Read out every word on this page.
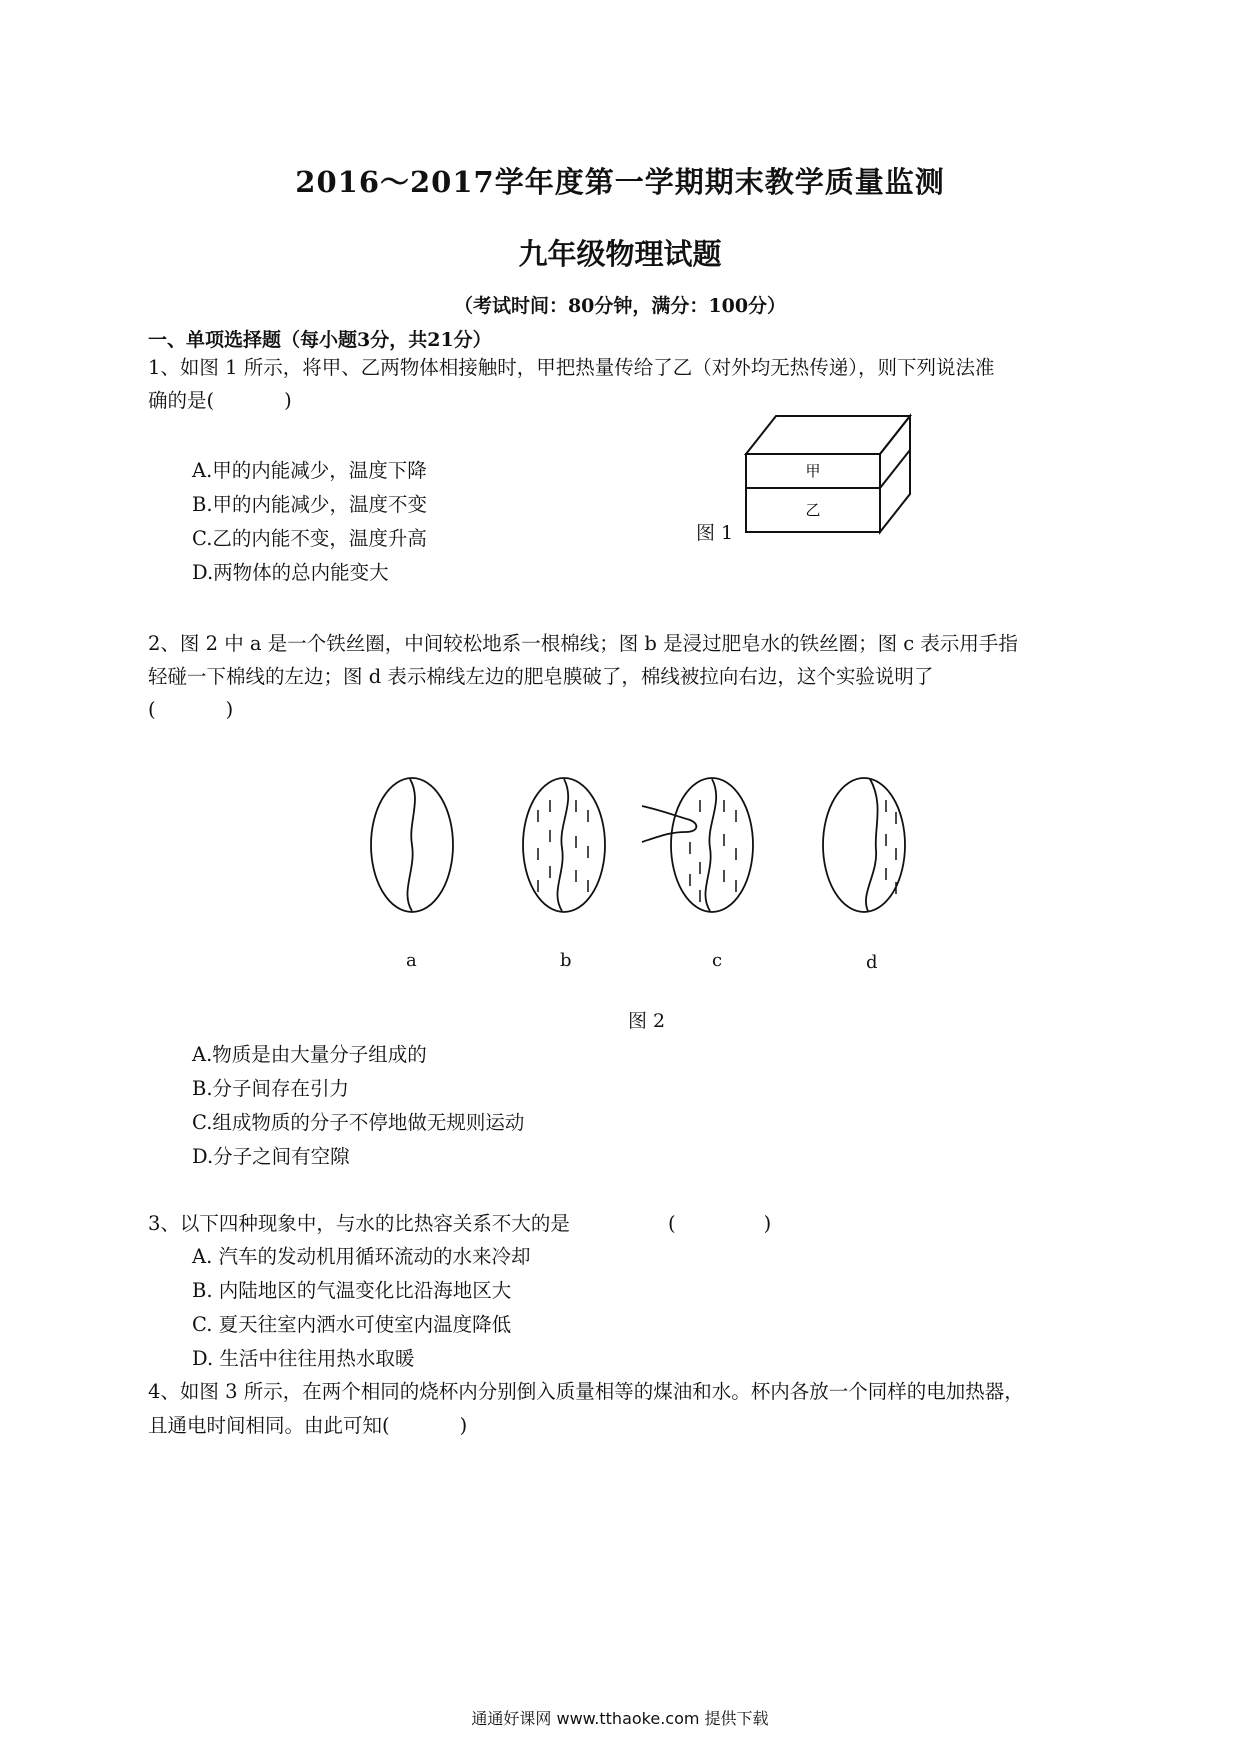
2016～2017学年度第一学期期末教学质量监测
九年级物理试题
（考试时间：80分钟，满分：100分）
一、单项选择题（每小题3分，共21分）
1、如图 1 所示，将甲、乙两物体相接触时，甲把热量传给了乙（对外均无热传递），则下列说法准
确的是(	)
A.甲的内能减少，温度下降
B.甲的内能减少，温度不变
C.乙的内能不变，温度升高
D.两物体的总内能变大
甲
乙
图 1
2、图 2 中 a 是一个铁丝圈，中间较松地系一根棉线；图 b 是浸过肥皂水的铁丝圈；图 c 表示用手指
轻碰一下棉线的左边；图 d 表示棉线左边的肥皂膜破了，棉线被拉向右边，这个实验说明了
(	)
a	b	c	d
图 2
A.物质是由大量分子组成的
B.分子间存在引力
C.组成物质的分子不停地做无规则运动
D.分子之间有空隙
3、以下四种现象中，与水的比热容关系不大的是	(	)
A. 汽车的发动机用循环流动的水来冷却
B. 内陆地区的气温变化比沿海地区大
C. 夏天往室内洒水可使室内温度降低
D. 生活中往往用热水取暖
4、如图 3 所示，在两个相同的烧杯内分别倒入质量相等的煤油和水。杯内各放一个同样的电加热器，
且通电时间相同。由此可知(	)
通通好课网 www.tthaoke.com 提供下载
